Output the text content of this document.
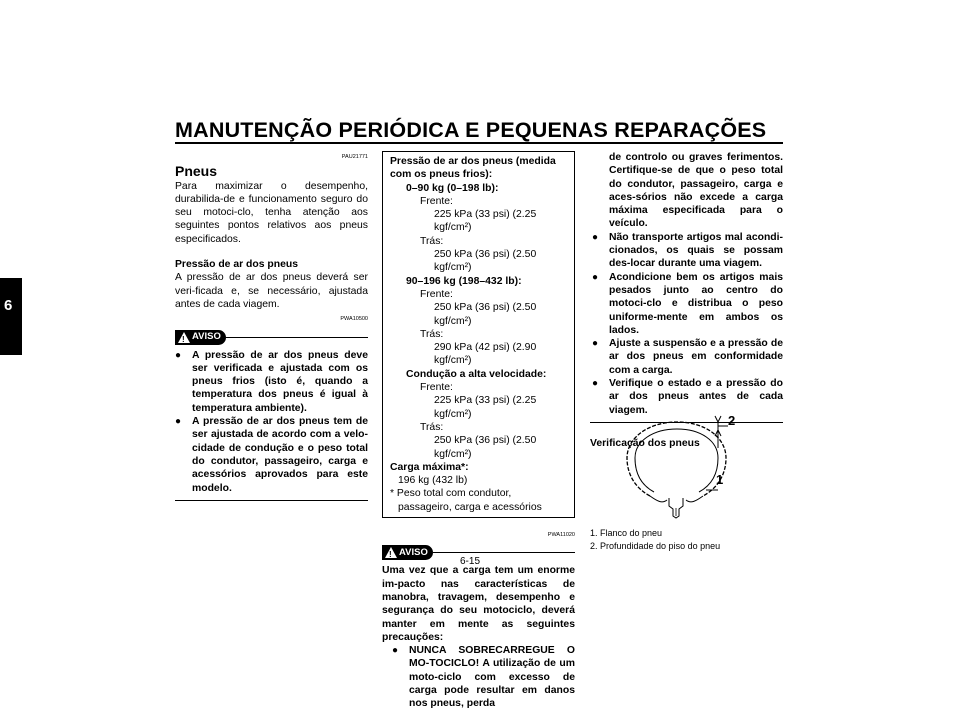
MANUTENÇÃO PERIÓDICA E PEQUENAS REPARAÇÕES
6
PAU21771
Pneus
Para maximizar o desempenho, durabilida-de e funcionamento seguro do seu motoci-clo, tenha atenção aos seguintes pontos relativos aos pneus especificados.
Pressão de ar dos pneus
A pressão de ar dos pneus deverá ser veri-ficada e, se necessário, ajustada antes de cada viagem.
PWA10500
! AVISO
● A pressão de ar dos pneus deve ser verificada e ajustada com os pneus frios (isto é, quando a temperatura dos pneus é igual à temperatura ambiente).
● A pressão de ar dos pneus tem de ser ajustada de acordo com a velo-cidade de condução e o peso total do condutor, passageiro, carga e acessórios aprovados para este modelo.
Pressão de ar dos pneus (medida com os pneus frios):
0–90 kg (0–198 lb):
Frente:
225 kPa (33 psi) (2.25 kgf/cm²)
Trás:
250 kPa (36 psi) (2.50 kgf/cm²)
90–196 kg (198–432 lb):
Frente:
250 kPa (36 psi) (2.50 kgf/cm²)
Trás:
290 kPa (42 psi) (2.90 kgf/cm²)
Condução a alta velocidade:
Frente:
225 kPa (33 psi) (2.25 kgf/cm²)
Trás:
250 kPa (36 psi) (2.50 kgf/cm²)
Carga máxima*:
196 kg (432 lb)
* Peso total com condutor, passageiro, carga e acessórios
PWA11020
! AVISO
Uma vez que a carga tem um enorme im-pacto nas características de manobra, travagem, desempenho e segurança do seu motociclo, deverá manter em mente as seguintes precauções:
● NUNCA SOBRECARREGUE O MO-TOCICLO! A utilização de um moto-ciclo com excesso de carga pode resultar em danos nos pneus, perda
de controlo ou graves ferimentos. Certifique-se de que o peso total do condutor, passageiro, carga e aces-sórios não excede a carga máxima especificada para o veículo.
● Não transporte artigos mal acondi-cionados, os quais se possam des-locar durante uma viagem.
● Acondicione bem os artigos mais pesados junto ao centro do motoci-clo e distribua o peso uniforme-mente em ambos os lados.
● Ajuste a suspensão e a pressão de ar dos pneus em conformidade com a carga.
● Verifique o estado e a pressão do ar dos pneus antes de cada viagem.
Verificação dos pneus
2
1
1. Flanco do pneu
2. Profundidade do piso do pneu
6-15
